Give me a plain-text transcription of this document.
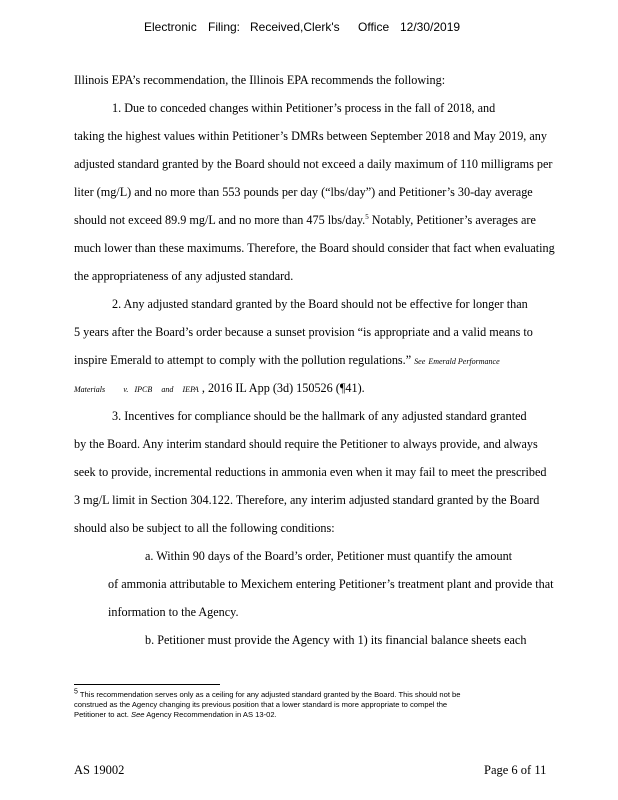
Electronic Filing: Received,Clerk's Office 12/30/2019
Illinois EPA’s recommendation, the Illinois EPA recommends the following:
1. Due to conceded changes within Petitioner’s process in the fall of 2018, and
taking the highest values within Petitioner’s DMRs between September 2018 and May 2019, any
adjusted standard granted by the Board should not exceed a daily maximum of 110 milligrams per
liter (mg/L) and no more than 553 pounds per day (“lbs/day”) and Petitioner’s 30-day average
should not exceed 89.9 mg/L and no more than 475 lbs/day.$^5$ Notably, Petitioner’s averages are
much lower than these maximums. Therefore, the Board should consider that fact when evaluating
the appropriateness of any adjusted standard.
2. Any adjusted standard granted by the Board should not be effective for longer than
5 years after the Board’s order because a sunset provision “is appropriate and a valid means to
inspire Emerald to attempt to comply with the pollution regulations.” See Emerald Performance
Materials v. IPCB and IEPA , 2016 IL App (3d) 150526 (¶41).
3. Incentives for compliance should be the hallmark of any adjusted standard granted
by the Board. Any interim standard should require the Petitioner to always provide, and always
seek to provide, incremental reductions in ammonia even when it may fail to meet the prescribed
3 mg/L limit in Section 304.122. Therefore, any interim adjusted standard granted by the Board
should also be subject to all the following conditions:
a. Within 90 days of the Board’s order, Petitioner must quantify the amount
of ammonia attributable to Mexichem entering Petitioner’s treatment plant and provide that
information to the Agency.
b. Petitioner must provide the Agency with 1) its financial balance sheets each
5 This recommendation serves only as a ceiling for any adjusted standard granted by the Board. This should not be
construed as the Agency changing its previous position that a lower standard is more appropriate to compel the
Petitioner to act. See Agency Recommendation in AS 13-02.
AS 19002	Page 6 of 11
